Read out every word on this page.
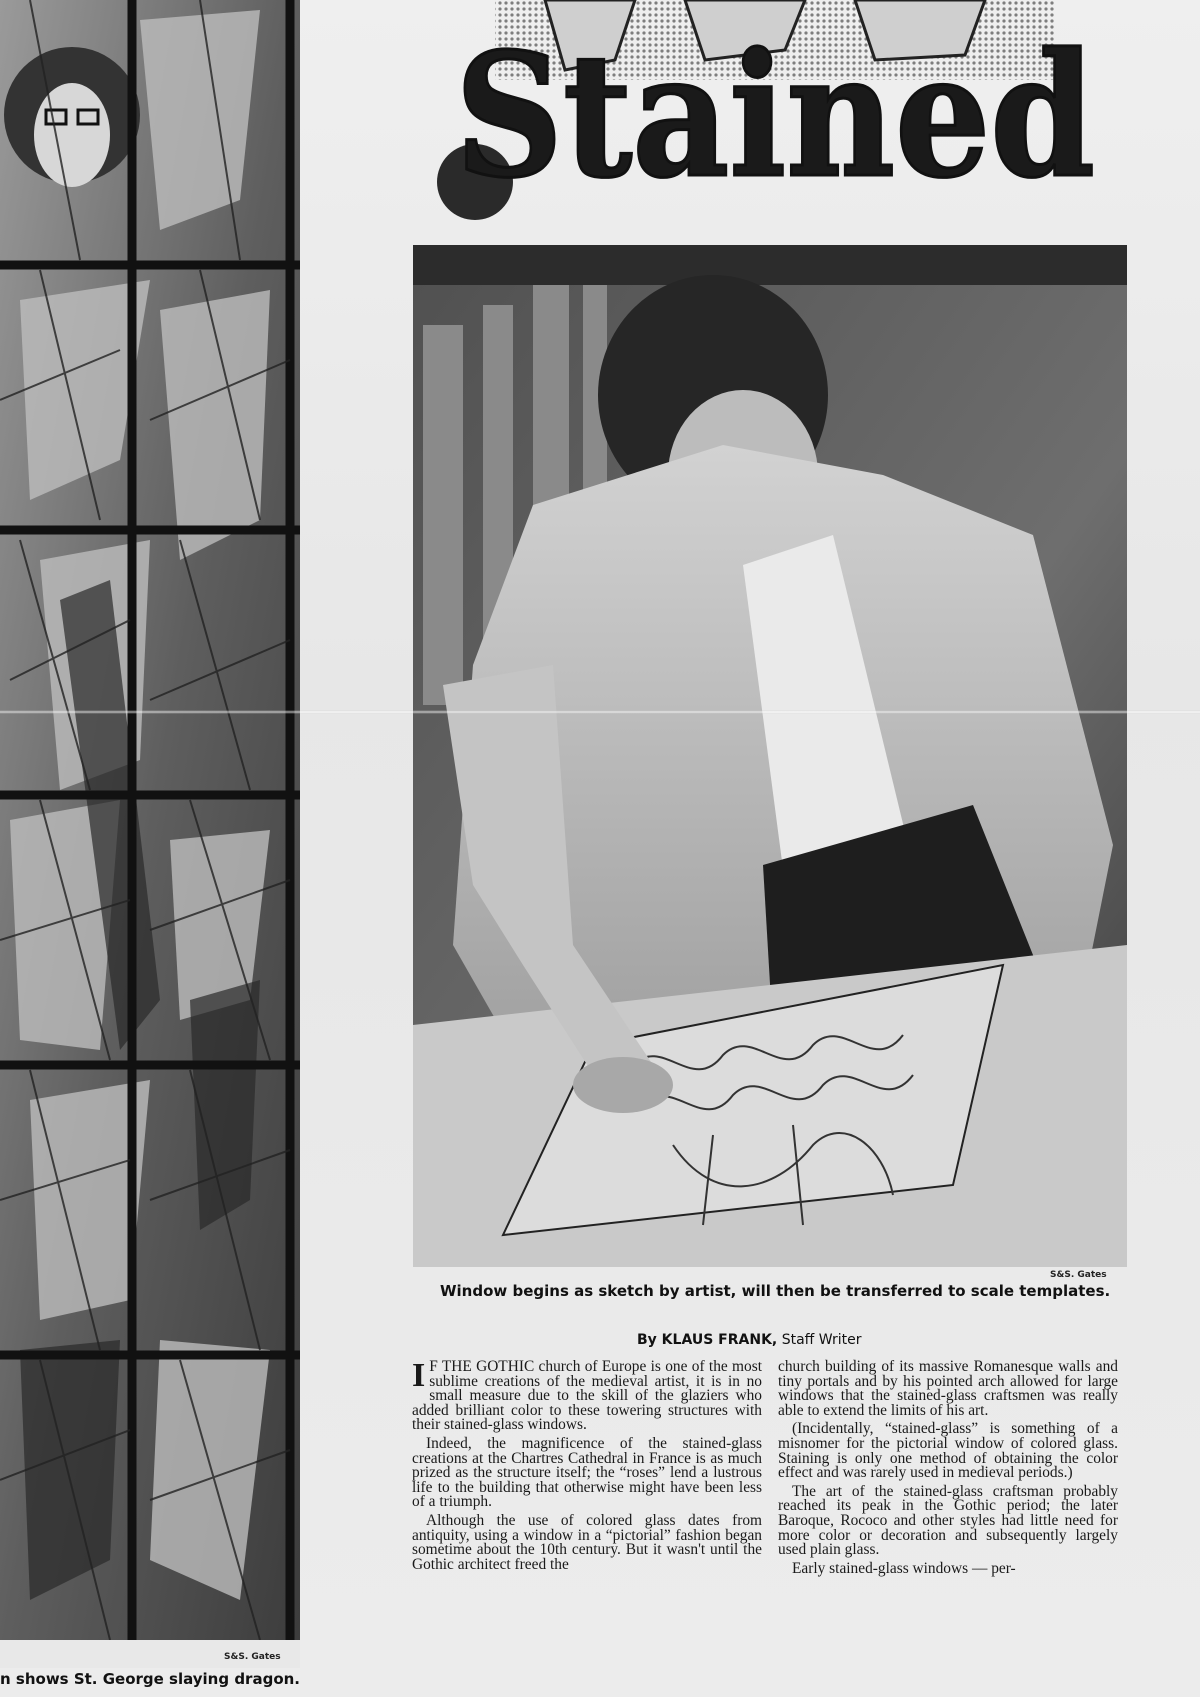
S&S. Gates
n shows St. George slaying dragon.
Stained
S&S. Gates
Window begins as sketch by artist, will then be transferred to scale templates.
By KLAUS FRANK, Staff Writer

I F THE GOTHIC church of Europe is one of the most sublime creations of the medieval artist, it is in no small measure due to the skill of the glaziers who added brilliant color to these towering structures with their stained-glass windows.

Indeed, the magnificence of the stained-glass creations at the Chartres Cathedral in France is as much prized as the structure itself; the “roses” lend a lustrous life to the building that otherwise might have been less of a triumph.

Although the use of colored glass dates from antiquity, using a window in a “pictorial” fashion began sometime about the 10th century. But it wasn't until the Gothic architect freed the

church building of its massive Romanesque walls and tiny portals and by his pointed arch allowed for large windows that the stained-glass craftsmen was really able to extend the limits of his art.

(Incidentally, “stained-glass” is something of a misnomer for the pictorial window of colored glass. Staining is only one method of obtaining the color effect and was rarely used in medieval periods.)

The art of the stained-glass craftsman probably reached its peak in the Gothic period; the later Baroque, Rococo and other styles had little need for more color or decoration and subsequently largely used plain glass.

Early stained-glass windows — per-
